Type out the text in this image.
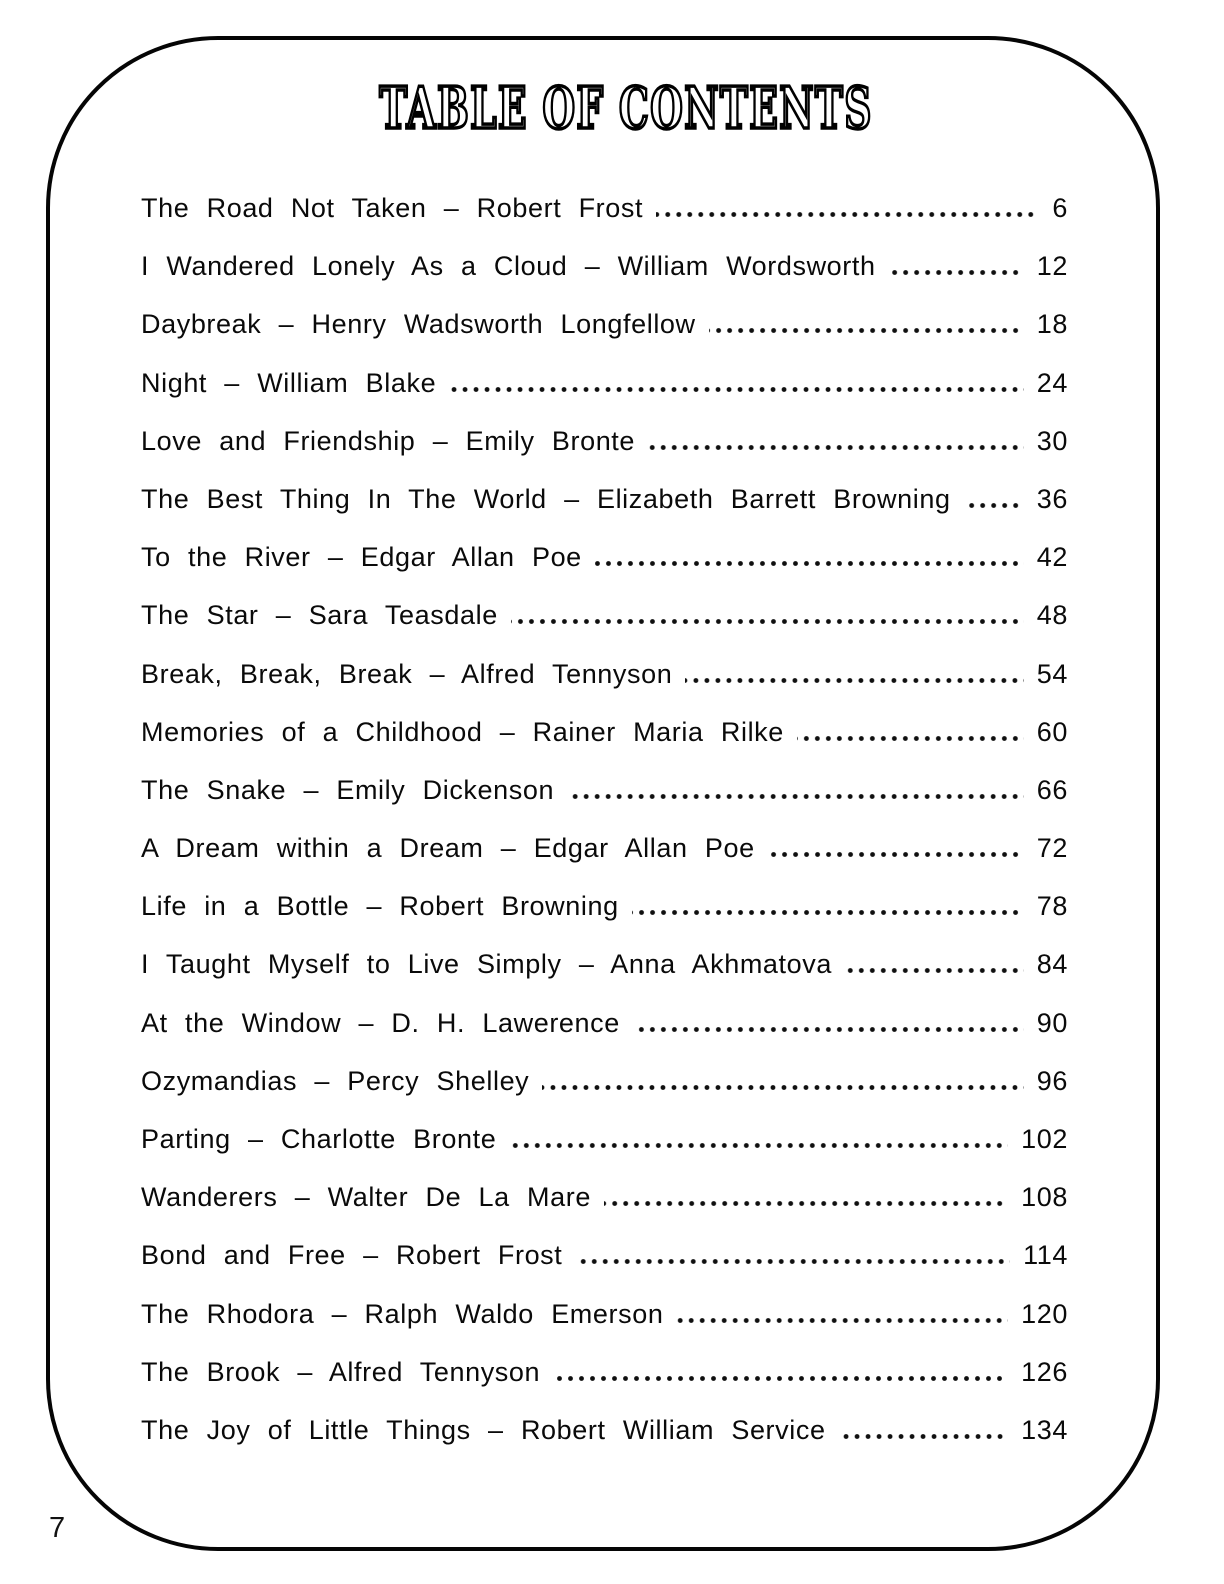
TABLE OF CONTENTS
The Road Not Taken – Robert Frost	6
I Wandered Lonely As a Cloud – William Wordsworth	12
Daybreak – Henry Wadsworth Longfellow	18
Night – William Blake	24
Love and Friendship – Emily Bronte	30
The Best Thing In The World – Elizabeth Barrett Browning	36
To the River – Edgar Allan Poe	42
The Star – Sara Teasdale	48
Break, Break, Break – Alfred Tennyson	54
Memories of a Childhood – Rainer Maria Rilke	60
The Snake – Emily Dickenson	66
A Dream within a Dream – Edgar Allan Poe	72
Life in a Bottle – Robert Browning	78
I Taught Myself to Live Simply – Anna Akhmatova	84
At the Window – D. H. Lawerence	90
Ozymandias – Percy Shelley	96
Parting – Charlotte Bronte	102
Wanderers – Walter De La Mare	108
Bond and Free – Robert Frost	114
The Rhodora – Ralph Waldo Emerson	120
The Brook – Alfred Tennyson	126
The Joy of Little Things – Robert William Service	134
7
